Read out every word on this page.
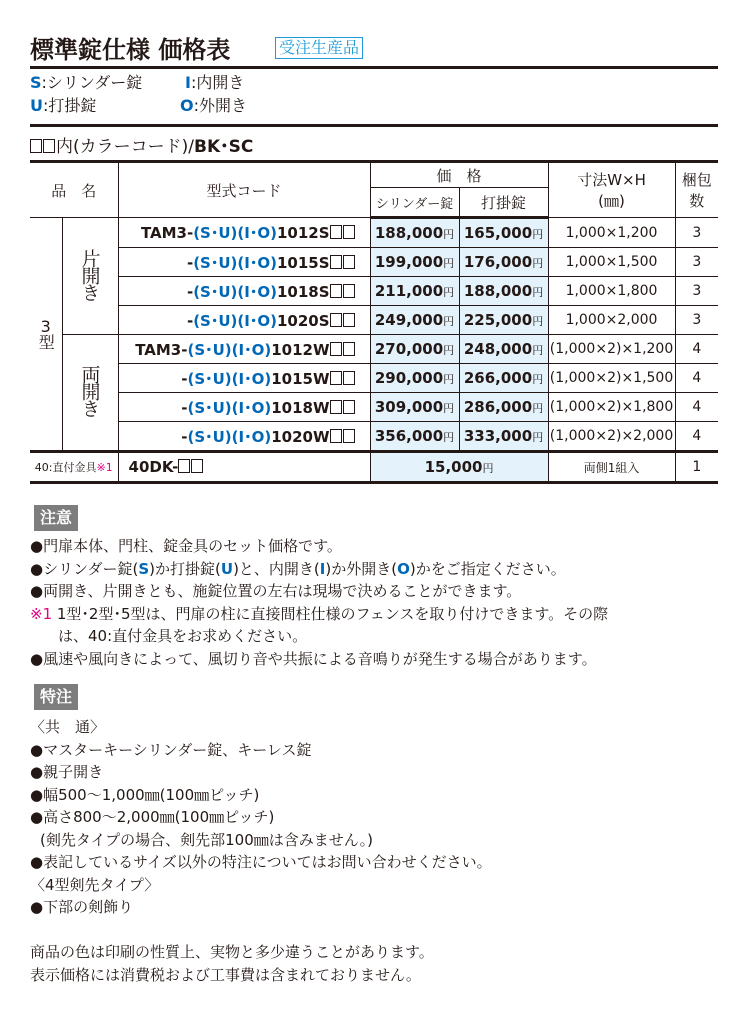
標準錠仕様 価格表	受注生産品
S:シリンダー錠	I:内開き
U:打掛錠	O:外開き
内(カラーコード)/BK･SC
品　名	型式コード	価　格	寸法W×H
(㎜)

梱包
数

			シリンダー錠	打掛錠		
3型	片開き	TAM3-(S･U)(I･O)1012S	188,000円	165,000円	1,000×1,200	3
		-(S･U)(I･O)1015S	199,000円	176,000円	1,000×1,500	3
		-(S･U)(I･O)1018S	211,000円	188,000円	1,000×1,800	3
		-(S･U)(I･O)1020S	249,000円	225,000円	1,000×2,000	3
	両開き	TAM3-(S･U)(I･O)1012W	270,000円	248,000円	(1,000×2)×1,200	4
		-(S･U)(I･O)1015W	290,000円	266,000円	(1,000×2)×1,500	4
		-(S･U)(I･O)1018W	309,000円	286,000円	(1,000×2)×1,800	4
		-(S･U)(I･O)1020W	356,000円	333,000円	(1,000×2)×2,000	4
40:直付金具※1		40DK-	15,000円		両側1組入	1
注意
●門扉本体、門柱、錠金具のセット価格です。
●シリンダー錠(S)か打掛錠(U)と、内開き(I)か外開き(O)かをご指定ください。
●両開き、片開きとも、施錠位置の左右は現場で決めることができます。
※1 1型･2型･5型は、門扉の柱に直接間柱仕様のフェンスを取り付けできます。その際
は、40:直付金具をお求めください。
●風速や風向きによって、風切り音や共振による音鳴りが発生する場合があります。
特注
〈共　通〉
●マスターキーシリンダー錠、キーレス錠
●親子開き
●幅500〜1,000㎜(100㎜ピッチ)
●高さ800〜2,000㎜(100㎜ピッチ)
(剣先タイプの場合、剣先部100㎜は含みません。)
●表記しているサイズ以外の特注についてはお問い合わせください。
〈4型剣先タイプ〉
●下部の剣飾り
商品の色は印刷の性質上、実物と多少違うことがあります。
表示価格には消費税および工事費は含まれておりません。
